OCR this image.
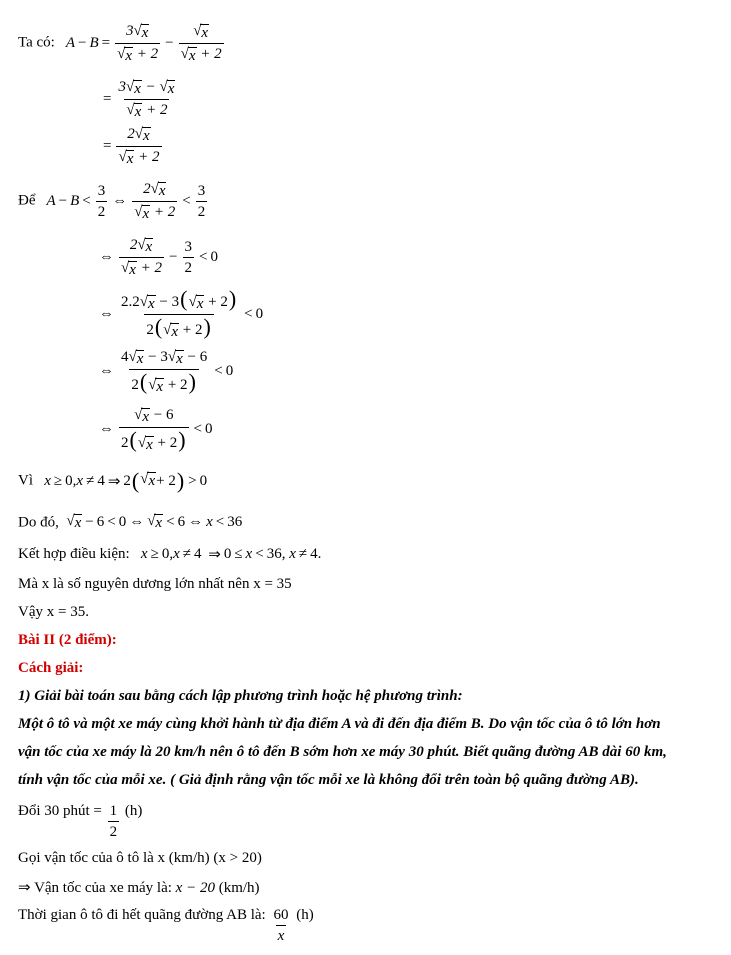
Ta có:   $A - B = \frac{3 √ x}{√ x + 2} - \frac{√ x}{√ x + 2}$
= $\frac{3 √ x - √ x}{√ x + 2}$
= $\frac{2 √ x}{√ x + 2}$
Để   $A - B < \frac{3}{2}$ ⇔ $\frac{2 √ x}{√ x + 2} < \frac{3}{2}$
⇔ $\frac{2 √ x}{√ x + 2} - \frac{3}{2} < 0$
⇔ $\frac{2.2 √ x - 3( √ x + 2)}{2( √ x + 2)} < 0$
⇔ $\frac{4 √ x - 3 √ x - 6}{2( √ x + 2)} < 0$
⇔ $\frac{√ x - 6}{2( √ x + 2)} < 0$
Vì   x ≥ 0, x ≠ 4 ⇒ 2 ( √ x + 2 ) > 0
Do đó, √ x − 6 < 0 ⇔ √ x < 6 ⇔ x < 36
Kết hợp điều kiện:   x ≥ 0, x ≠ 4
⇒ 0 ≤ x < 36, x ≠ 4.
Mà x là số nguyên dương lớn nhất nên x = 35
Vậy x = 35.
Bài II (2 điểm):
Cách giải:
1) Giải bài toán sau bằng cách lập phương trình hoặc hệ phương trình:
Một ô tô và một xe máy cùng khởi hành từ địa điểm A và đi đến địa điểm B. Do vận tốc của ô tô lớn hơn
vận tốc của xe máy là 20 km/h nên ô tô đến B sớm hơn xe máy 30 phút. Biết quãng đường AB dài 60 km,
tính vận tốc của mỗi xe. ( Giả định rằng vận tốc mỗi xe là không đổi trên toàn bộ quãng đường AB).
Đổi 30 phút = $\frac{1}{2} (h)$
Gọi vận tốc của ô tô là x (km/h) (x > 20)
⇒ Vận tốc của xe máy là: x − 20 (km/h)
Thời gian ô tô đi hết quãng đường AB là: $\frac{60}{x} (h)$
